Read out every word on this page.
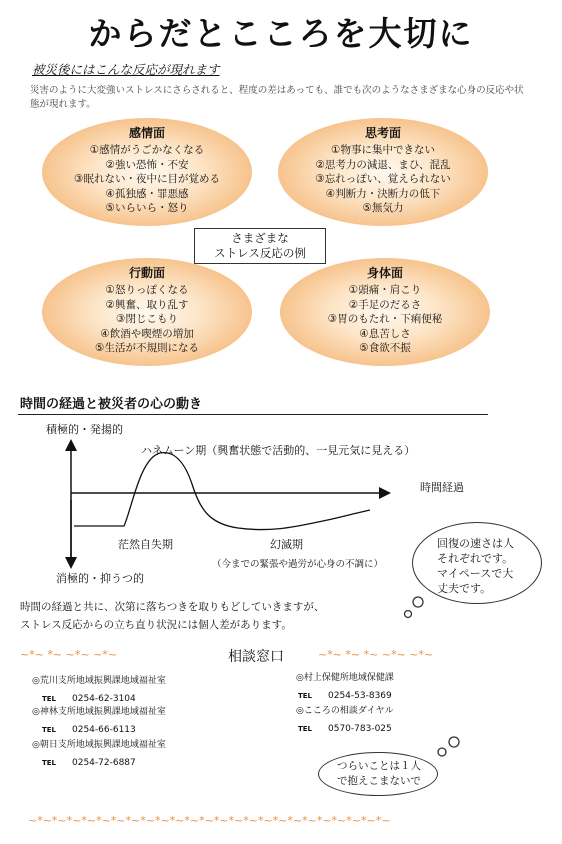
からだとこころを大切に
被災後にはこんな反応が現れます
災害のように大変強いストレスにさらされると、程度の差はあっても、誰でも次のようなさまざまな心身の反応や状態が現れます。
感情面
①感情がうごかなくなる
②強い恐怖・不安
③眠れない・夜中に目が覚める
④孤独感・罪悪感
⑤いらいら・怒り
思考面
①物事に集中できない
②思考力の減退、まひ、混乱
③忘れっぽい、覚えられない
④判断力・決断力の低下
⑤無気力
さまざまな
ストレス反応の例
行動面
①怒りっぽくなる
②興奮、取り乱す
③閉じこもり
④飲酒や喫煙の増加
⑤生活が不規則になる
身体面
①頭痛・肩こり
②手足のだるさ
③胃のもたれ・下痢便秘
④息苦しさ
⑤食欲不振
時間の経過と被災者の心の動き
積極的・発揚的
ハネムーン期（興奮状態で活動的、一見元気に見える）
時間経過
茫然自失期	幻滅期
（今までの緊張や過労が心身の不調に）
消極的・抑うつ的
回復の速さは人
それぞれです。
マイペースで大
丈夫です。
時間の経過と共に、次第に落ちつきを取りもどしていきますが、
ストレス反応からの立ち直り状況には個人差があります。
~*~ *~ ~*~ ~*~	相談窓口	~*~ *~ *~ ~*~ ~*~
◎荒川支所地域振興課地域福祉室
TEL 0254-62-3104
◎神林支所地域振興課地域福祉室
TEL 0254-66-6113
◎朝日支所地域振興課地域福祉室
TEL 0254-72-6887
◎村上保健所地域保健課
TEL 0254-53-8369
◎こころの相談ダイヤル
TEL 0570-783-025
つらいことは１人
で抱えこまないで
~*~*~*~*~*~*~*~*~*~*~*~*~*~*~*~*~*~*~*~*~*~*~*~*~
